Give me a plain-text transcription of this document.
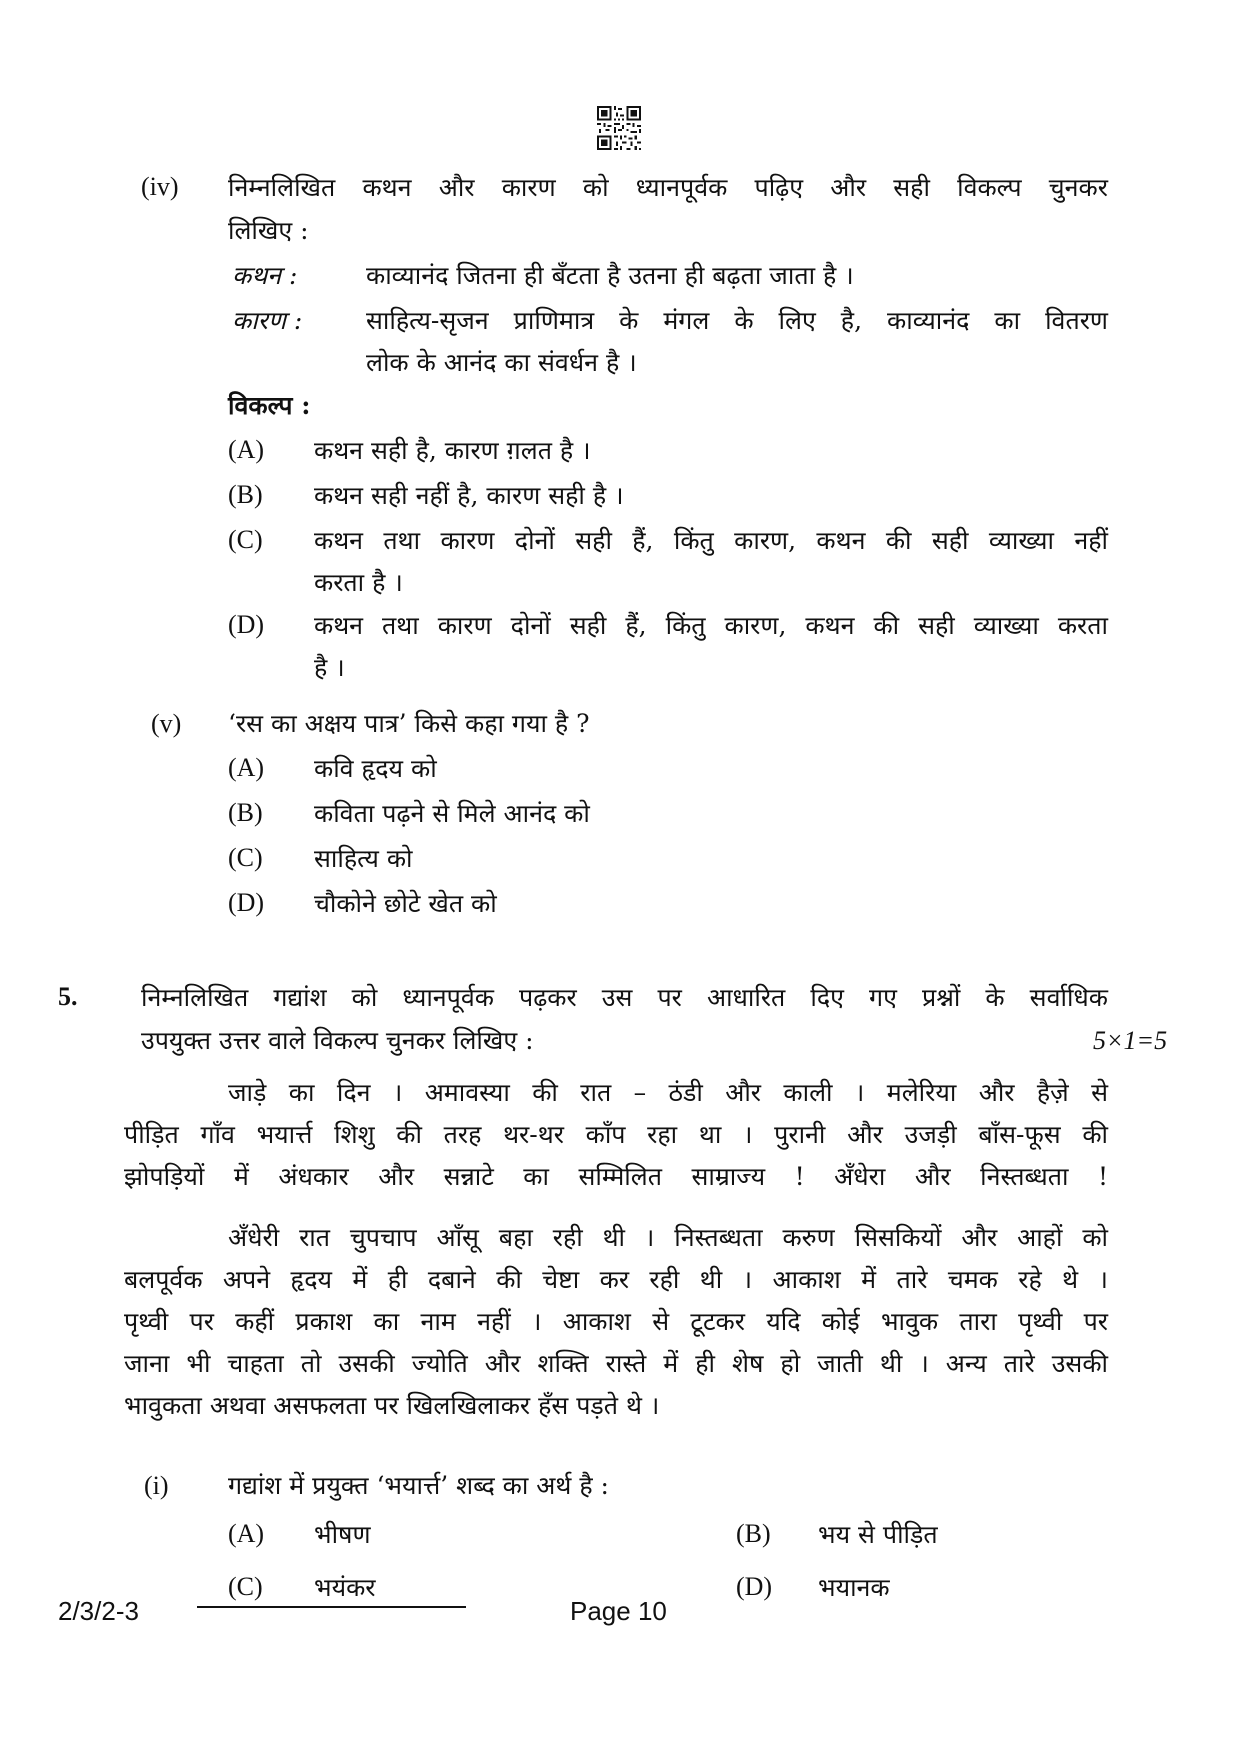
(iv) निम्नलिखित कथन और कारण को ध्यानपूर्वक पढ़िए और सही विकल्प चुनकर
लिखिए :
कथन :	काव्यानंद जितना ही बँटता है उतना ही बढ़ता जाता है ।
कारण :	साहित्य-सृजन प्राणिमात्र के मंगल के लिए है, काव्यानंद का वितरण
लोक के आनंद का संवर्धन है ।
विकल्प :
(A) कथन सही है, कारण ग़लत है ।
(B) कथन सही नहीं है, कारण सही है ।
(C) कथन तथा कारण दोनों सही हैं, किंतु कारण, कथन की सही व्याख्या नहीं
करता है ।
(D) कथन तथा कारण दोनों सही हैं, किंतु कारण, कथन की सही व्याख्या करता
है ।
(v) ‘रस का अक्षय पात्र’ किसे कहा गया है ?
(A) कवि हृदय को
(B) कविता पढ़ने से मिले आनंद को
(C) साहित्य को
(D) चौकोने छोटे खेत को
5.	निम्नलिखित गद्यांश को ध्यानपूर्वक पढ़कर उस पर आधारित दिए गए प्रश्नों के सर्वाधिक
उपयुक्त उत्तर वाले विकल्प चुनकर लिखिए :	5×1=5
जाड़े का दिन । अमावस्या की रात – ठंडी और काली । मलेरिया और हैज़े से
पीड़ित गाँव भयार्त्त शिशु की तरह थर-थर काँप रहा था । पुरानी और उजड़ी बाँस-फूस की
झोपड़ियों में अंधकार और सन्नाटे का सम्मिलित साम्राज्य ! अँधेरा और निस्तब्धता !
अँधेरी रात चुपचाप आँसू बहा रही थी । निस्तब्धता करुण सिसकियों और आहों को
बलपूर्वक अपने हृदय में ही दबाने की चेष्टा कर रही थी । आकाश में तारे चमक रहे थे ।
पृथ्वी पर कहीं प्रकाश का नाम नहीं । आकाश से टूटकर यदि कोई भावुक तारा पृथ्वी पर
जाना भी चाहता तो उसकी ज्योति और शक्ति रास्ते में ही शेष हो जाती थी । अन्य तारे उसकी
भावुकता अथवा असफलता पर खिलखिलाकर हँस पड़ते थे ।
(i) गद्यांश में प्रयुक्त ‘भयार्त्त’ शब्द का अर्थ है :
(A) भीषण	(B) भय से पीड़ित
(C) भयंकर	(D) भयानक
2/3/2-3	Page 10
